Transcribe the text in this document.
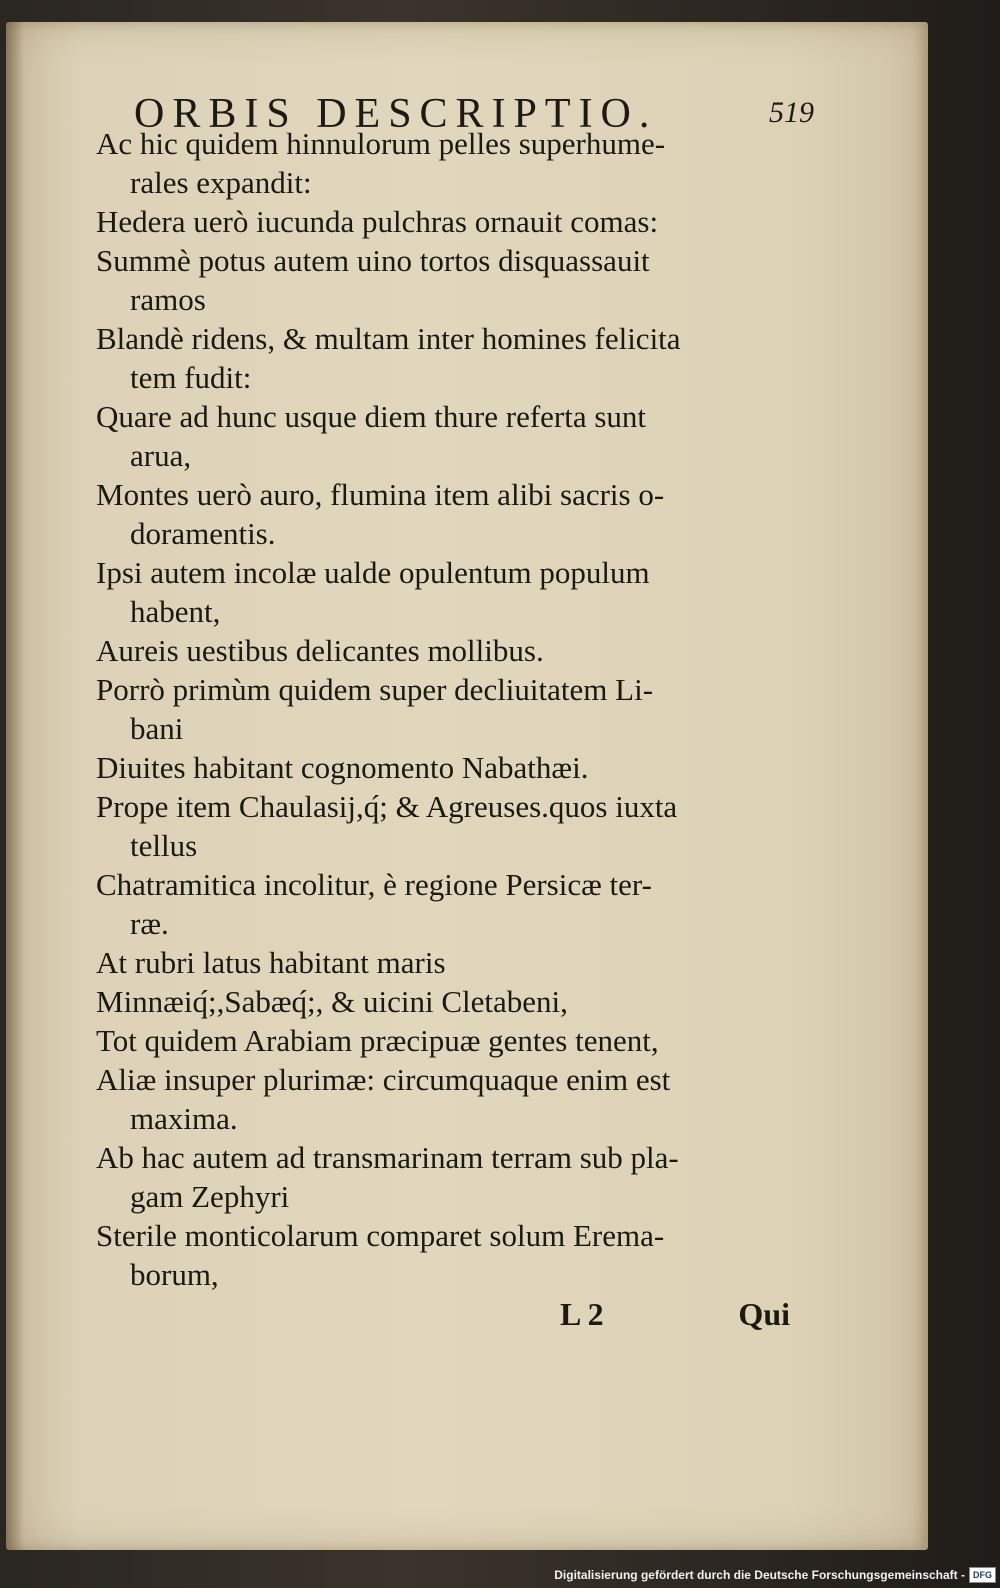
ORBIS DESCRIPTIO.	519

Ac hic quidem hinnulorum pelles superhume-
rales expandit:

Hedera uerò iucunda pulchras ornauit comas:

Summè potus autem uino tortos disquassauit
ramos

Blandè ridens, & multam inter homines felicita
tem fudit:

Quare ad hunc usque diem thure referta sunt
arua,

Montes uerò auro, flumina item alibi sacris o-
doramentis.

Ipsi autem incolæ ualde opulentum populum
habent,

Aureis uestibus delicantes mollibus.

Porrò primùm quidem super decliuitatem Li-
bani

Diuites habitant cognomento Nabathæi.

Prope item Chaulasij,q́; & Agreuses.quos iuxta
tellus

Chatramitica incolitur, è regione Persicæ ter-
ræ.

At rubri latus habitant maris

Minnæiq́;,Sabæq́;, & uicini Cletabeni,

Tot quidem Arabiam præcipuæ gentes tenent,

Aliæ insuper plurimæ: circumquaque enim est
maxima.

Ab hac autem ad transmarinam terram sub pla-
gam Zephyri

Sterile monticolarum comparet solum Erema-
borum,

L 2	Qui
Digitalisierung gefördert durch die Deutsche Forschungsgemeinschaft - DFG
